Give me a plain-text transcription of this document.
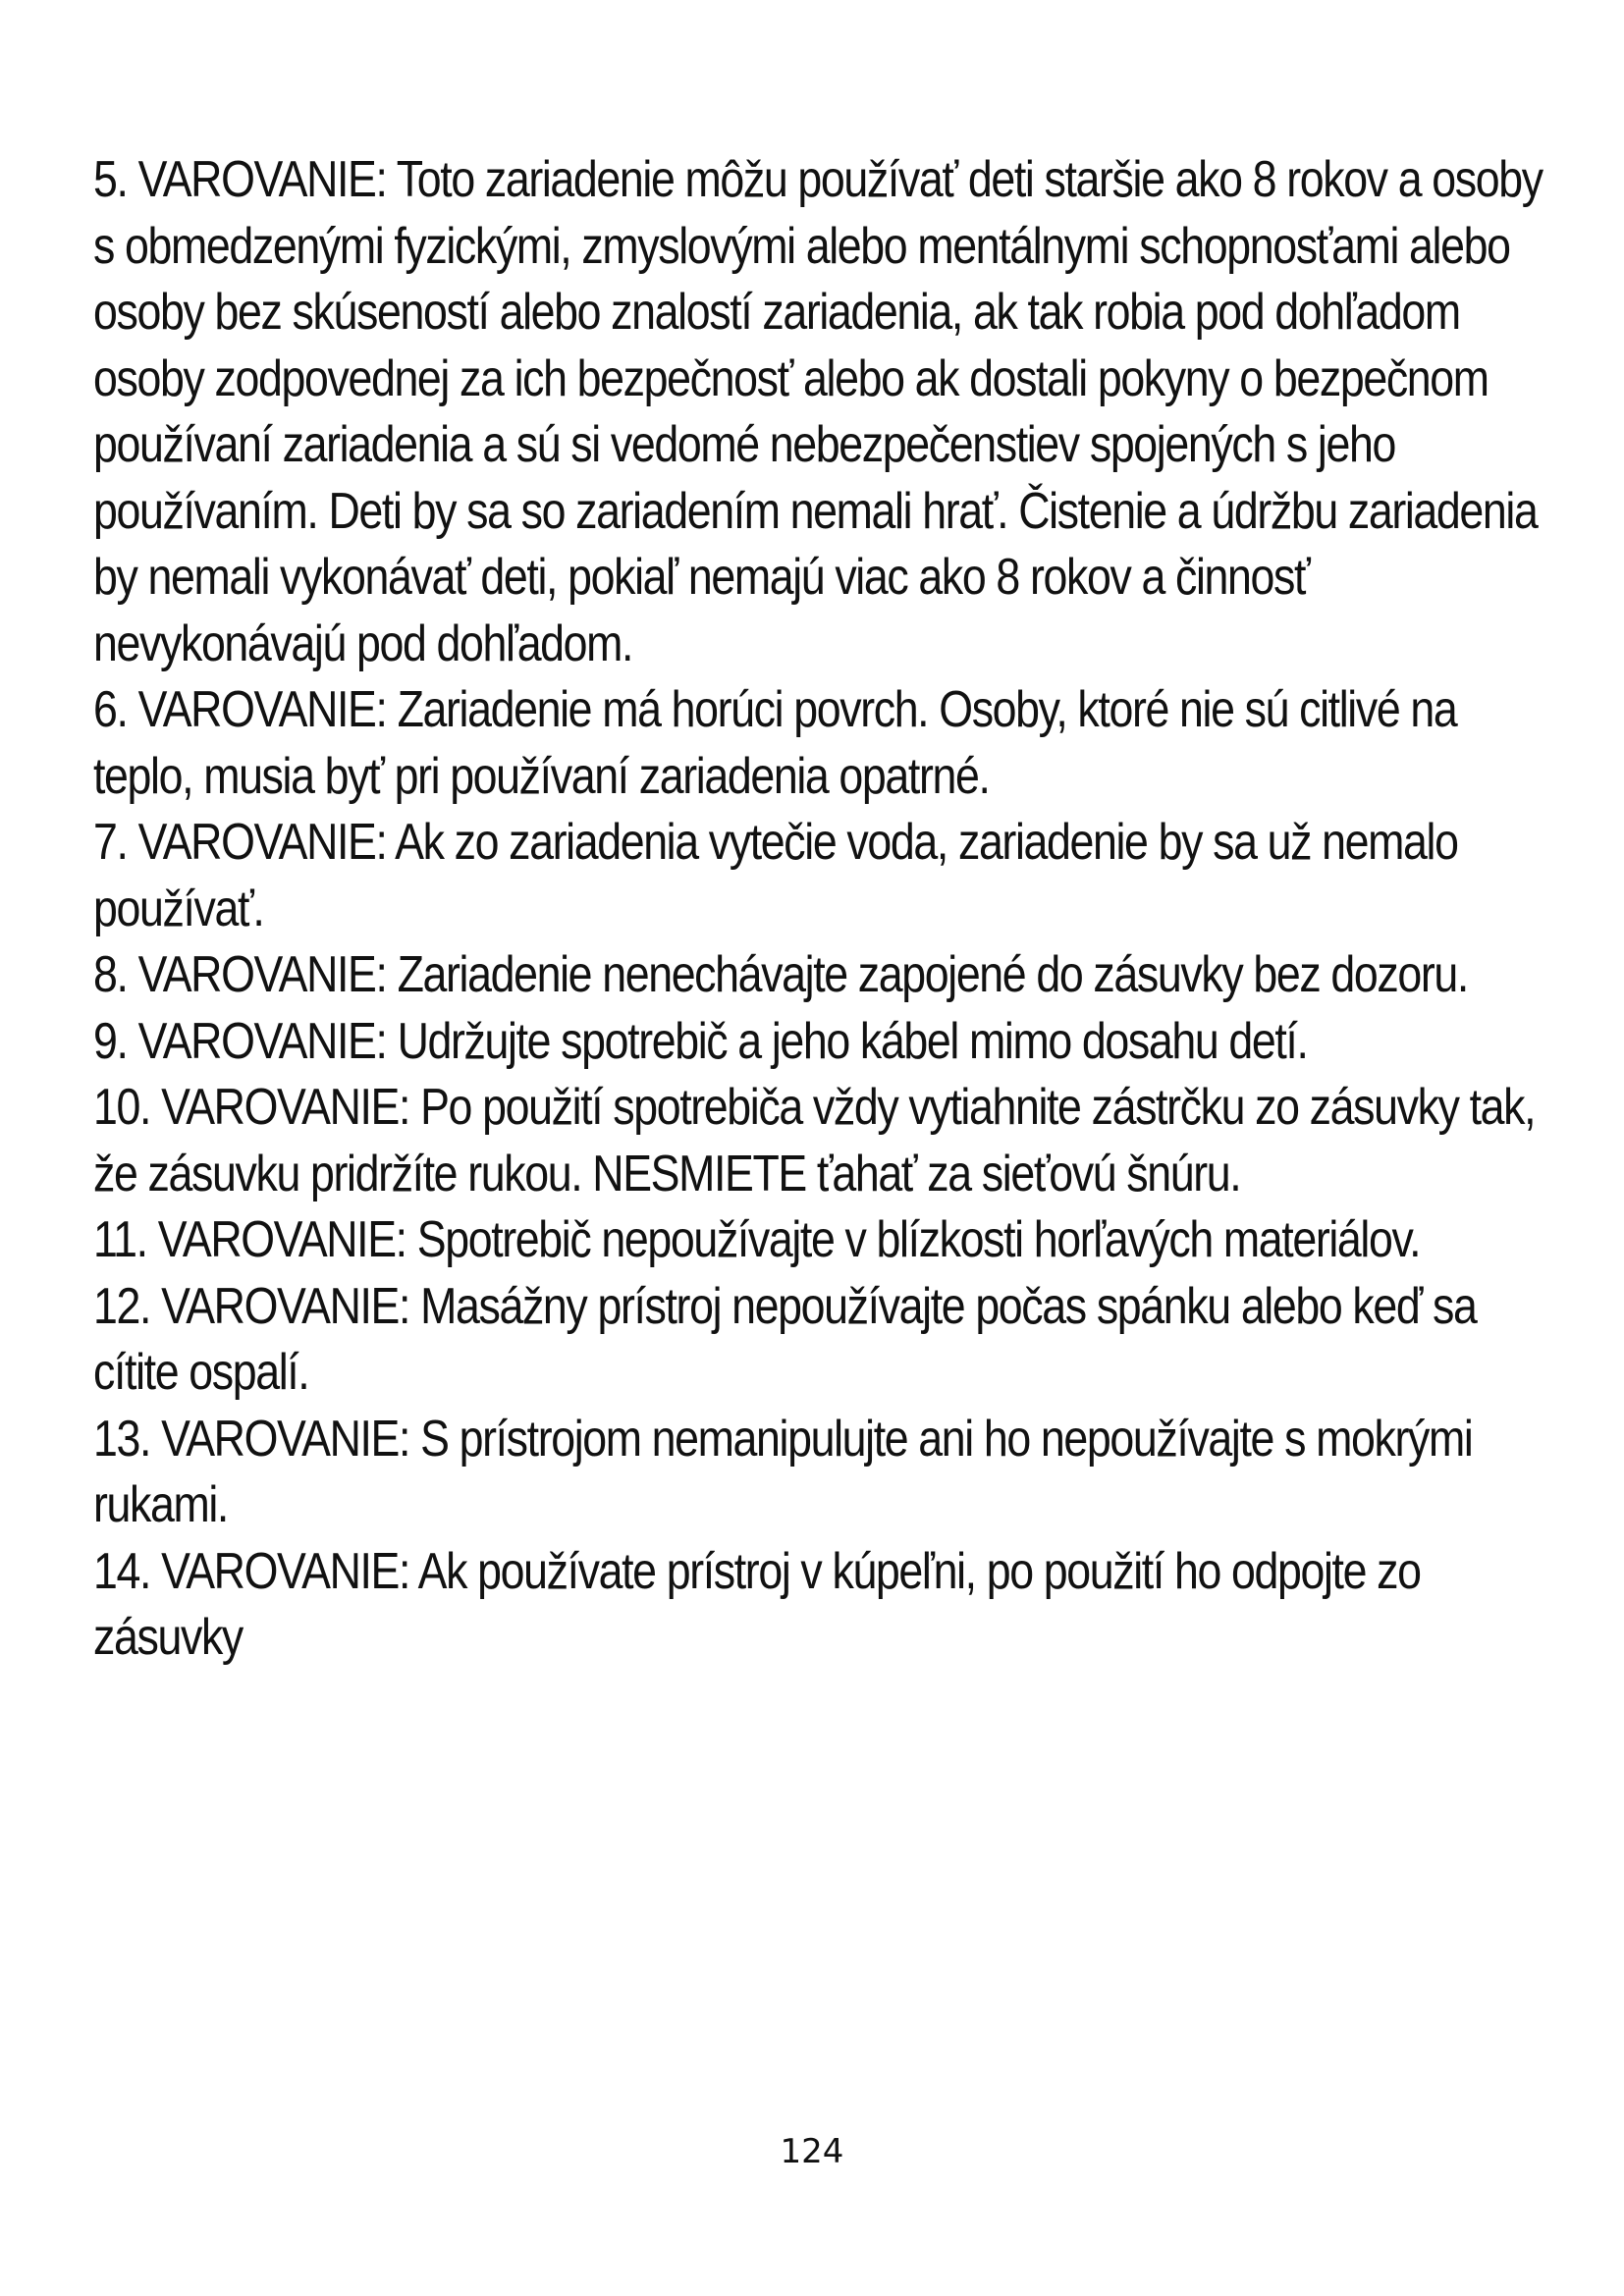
5. VAROVANIE: Toto zariadenie môžu používať deti staršie ako 8 rokov a osoby s obmedzenými fyzickými, zmyslovými alebo mentálnymi schopnosťami alebo osoby bez skúseností alebo znalostí zariadenia, ak tak robia pod dohľadom osoby zodpovednej za ich bezpečnosť alebo ak dostali pokyny o bezpečnom používaní zariadenia a sú si vedomé nebezpečenstiev spojených s jeho používaním. Deti by sa so zariadením nemali hrať. Čistenie a údržbu zariadenia by nemali vykonávať deti, pokiaľ nemajú viac ako 8 rokov a činnosť nevykonávajú pod dohľadom.

6. VAROVANIE: Zariadenie má horúci povrch. Osoby, ktoré nie sú citlivé na teplo, musia byť pri používaní zariadenia opatrné.

7. VAROVANIE: Ak zo zariadenia vytečie voda, zariadenie by sa už nemalo používať.

8. VAROVANIE: Zariadenie nenechávajte zapojené do zásuvky bez dozoru.

9. VAROVANIE: Udržujte spotrebič a jeho kábel mimo dosahu detí.

10. VAROVANIE: Po použití spotrebiča vždy vytiahnite zástrčku zo zásuvky tak, že zásuvku pridržíte rukou. NESMIETE ťahať za sieťovú šnúru.

11. VAROVANIE: Spotrebič nepoužívajte v blízkosti horľavých materiálov.

12. VAROVANIE: Masážny prístroj nepoužívajte počas spánku alebo keď sa cítite ospalí.

13. VAROVANIE: S prístrojom nemanipulujte ani ho nepoužívajte s mokrými rukami.

14. VAROVANIE: Ak používate prístroj v kúpeľni, po použití ho odpojte zo zásuvky

124
